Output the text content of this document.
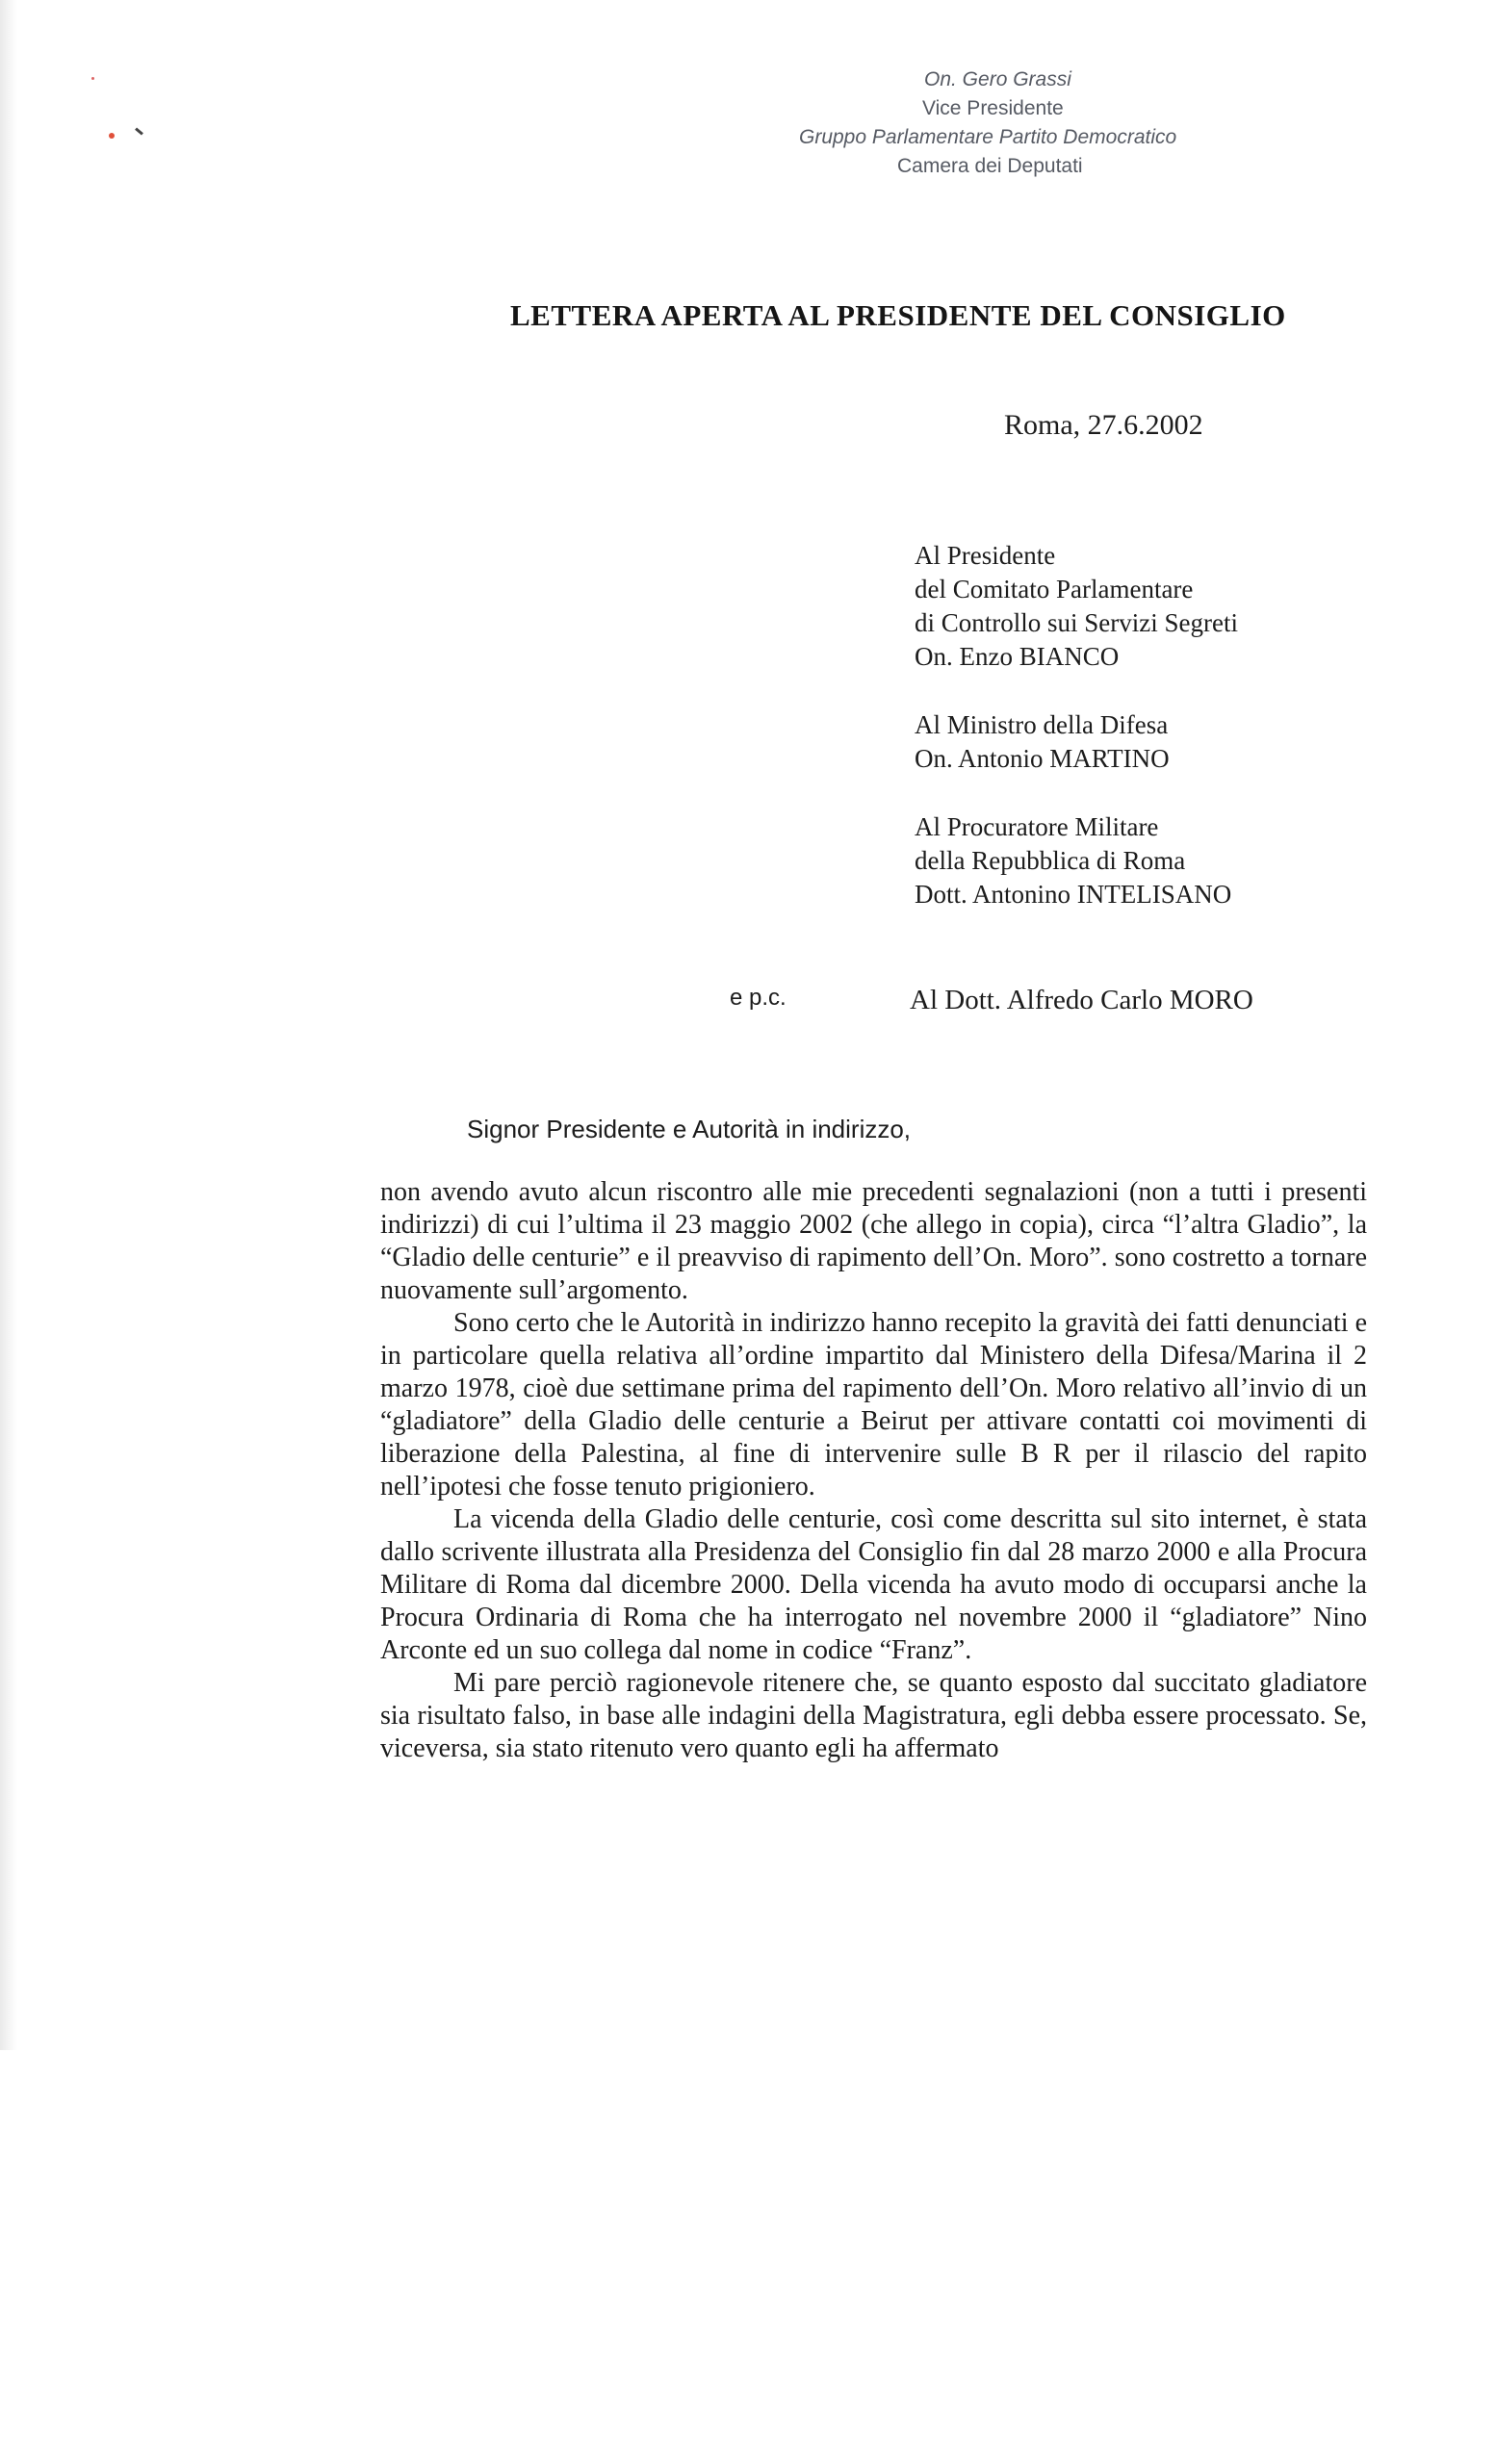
On. Gero Grassi
Vice Presidente
Gruppo Parlamentare Partito Democratico
Camera dei Deputati
LETTERA APERTA AL PRESIDENTE DEL CONSIGLIO
Roma, 27.6.2002
Al Presidente
del Comitato Parlamentare
di Controllo sui Servizi Segreti
On. Enzo BIANCO
Al Ministro della Difesa
On. Antonio MARTINO
Al Procuratore Militare
della Repubblica di Roma
Dott. Antonino INTELISANO
e p.c.	Al Dott. Alfredo Carlo MORO
Signor Presidente e Autorità in indirizzo,

non avendo avuto alcun riscontro alle mie precedenti segnalazioni (non a tutti i presenti indirizzi) di cui l’ultima il 23 maggio 2002 (che allego in copia), circa “l’altra Gladio”, la “Gladio delle centurie” e il preavviso di rapimento dell’On. Moro”. sono costretto a tornare nuovamente sull’argomento.

Sono certo che le Autorità in indirizzo hanno recepito la gravità dei fatti denunciati e in particolare quella relativa all’ordine impartito dal Ministero della Difesa/Marina il 2 marzo 1978, cioè due settimane prima del rapimento dell’On. Moro relativo all’invio di un “gladiatore” della Gladio delle centurie a Beirut per attivare contatti coi movimenti di liberazione della Palestina, al fine di intervenire sulle B R per il rilascio del rapito nell’ipotesi che fosse tenuto prigioniero.

La vicenda della Gladio delle centurie, così come descritta sul sito internet, è stata dallo scrivente illustrata alla Presidenza del Consiglio fin dal 28 marzo 2000 e alla Procura Militare di Roma dal dicembre 2000. Della vicenda ha avuto modo di occuparsi anche la Procura Ordinaria di Roma che ha interrogato nel novembre 2000 il “gladiatore” Nino Arconte ed un suo collega dal nome in codice “Franz”.

Mi pare perciò ragionevole ritenere che, se quanto esposto dal succitato gladiatore sia risultato falso, in base alle indagini della Magistratura, egli debba essere processato. Se, viceversa, sia stato ritenuto vero quanto egli ha affermato
